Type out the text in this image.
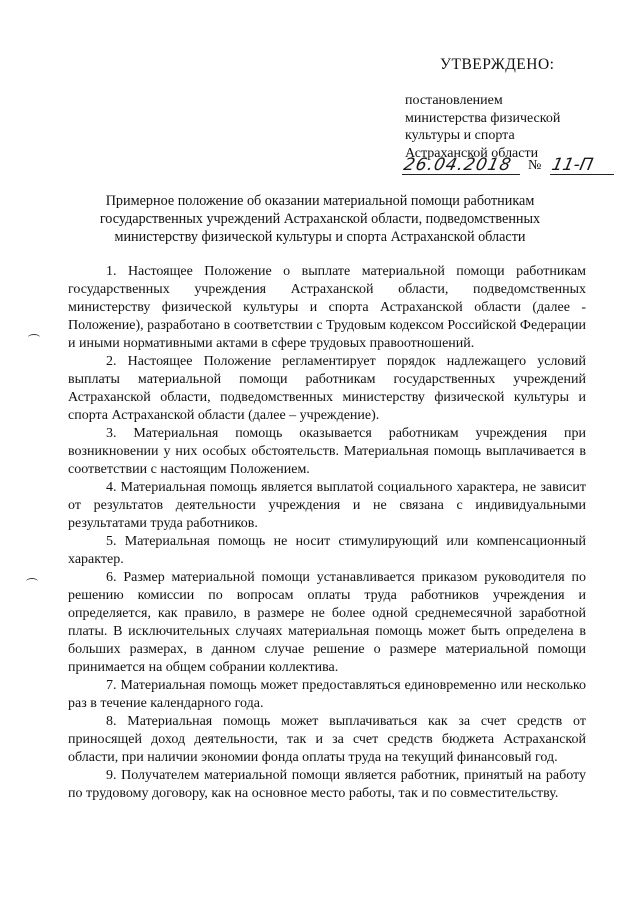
УТВЕРЖДЕНО:
постановлением
министерства физической
культуры и спорта
Астраханской области
26.04.2018 № 11-П
Примерное положение об оказании материальной помощи работникам государственных учреждений Астраханской области, подведомственных министерству физической культуры и спорта Астраханской области

1. Настоящее Положение о выплате материальной помощи работникам государственных учреждения Астраханской области, подведомственных министерству физической культуры и спорта Астраханской области (далее - Положение), разработано в соответствии с Трудовым кодексом Российской Федерации и иными нормативными актами в сфере трудовых правоотношений.

2. Настоящее Положение регламентирует порядок надлежащего условий выплаты материальной помощи работникам государственных учреждений Астраханской области, подведомственных министерству физической культуры и спорта Астраханской области (далее – учреждение).

3. Материальная помощь оказывается работникам учреждения при возникновении у них особых обстоятельств. Материальная помощь выплачивается в соответствии с настоящим Положением.

4. Материальная помощь является выплатой социального характера, не зависит от результатов деятельности учреждения и не связана с индивидуальными результатами труда работников.

5. Материальная помощь не носит стимулирующий или компенсационный характер.

6. Размер материальной помощи устанавливается приказом руководителя по решению комиссии по вопросам оплаты труда работников учреждения и определяется, как правило, в размере не более одной среднемесячной заработной платы. В исключительных случаях материальная помощь может быть определена в больших размерах, в данном случае решение о размере материальной помощи принимается на общем собрании коллектива.

7. Материальная помощь может предоставляться единовременно или несколько раз в течение календарного года.

8. Материальная помощь может выплачиваться как за счет средств от приносящей доход деятельности, так и за счет средств бюджета Астраханской области, при наличии экономии фонда оплаты труда на текущий финансовый год.

9. Получателем материальной помощи является работник, принятый на работу по трудовому договору, как на основное место работы, так и по совместительству.
